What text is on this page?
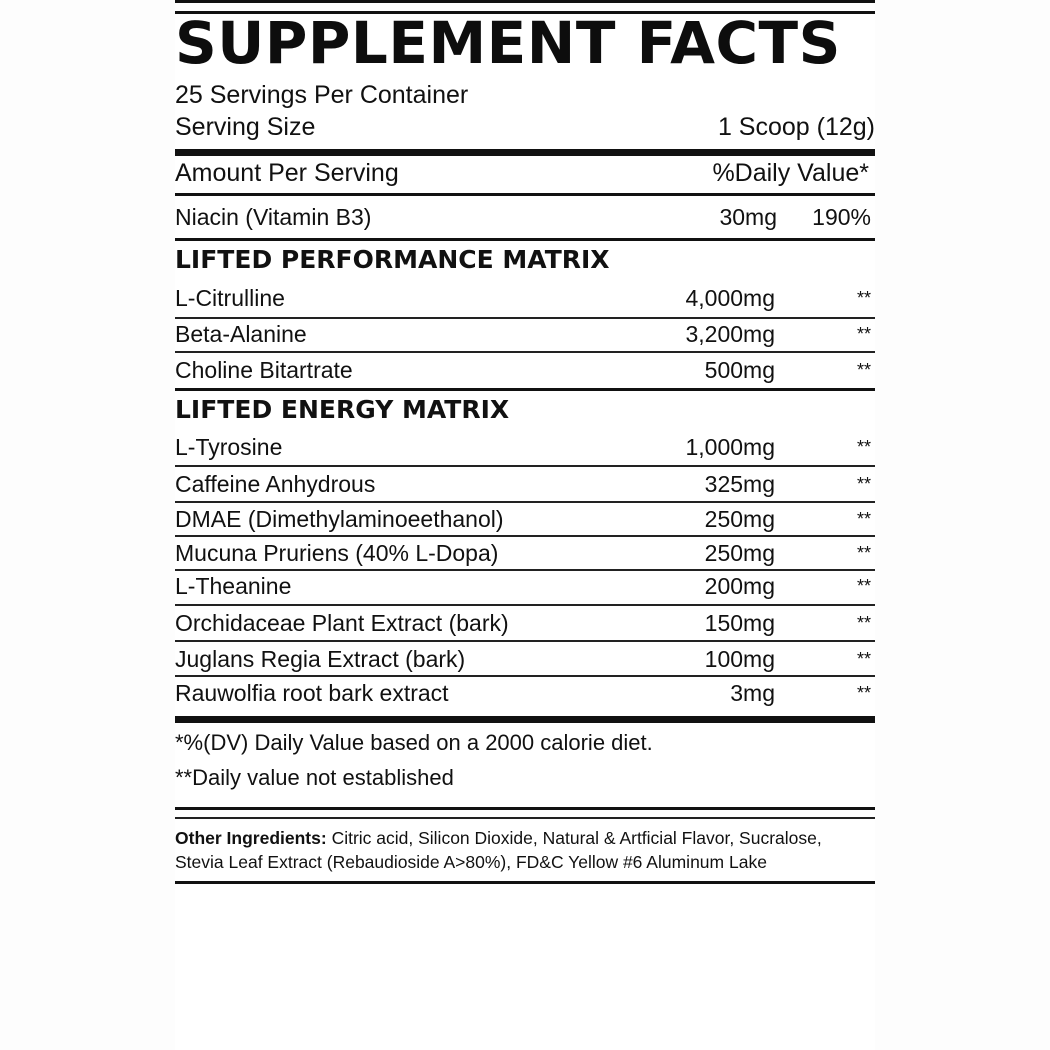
SUPPLEMENT FACTS
25 Servings Per Container
Serving Size	1 Scoop (12g)
Amount Per Serving	%Daily Value*
Niacin (Vitamin B3)	30mg 190%
LIFTED PERFORMANCE MATRIX
L-Citrulline	4,000mg	**
Beta-Alanine	3,200mg	**
Choline Bitartrate	500mg	**
LIFTED ENERGY MATRIX
L-Tyrosine	1,000mg	**
Caffeine Anhydrous	325mg	**
DMAE (Dimethylaminoeethanol)	250mg	**
Mucuna Pruriens (40% L-Dopa)	250mg	**
L-Theanine	200mg	**
Orchidaceae Plant Extract (bark)	150mg	**
Juglans Regia Extract (bark)	100mg	**
Rauwolfia root bark extract	3mg	**
*%(DV) Daily Value based on a 2000 calorie diet.
**Daily value not established
Other Ingredients: Citric acid, Silicon Dioxide, Natural & Artficial Flavor, Sucralose, Stevia Leaf Extract (Rebaudioside A>80%), FD&C Yellow #6 Aluminum Lake
